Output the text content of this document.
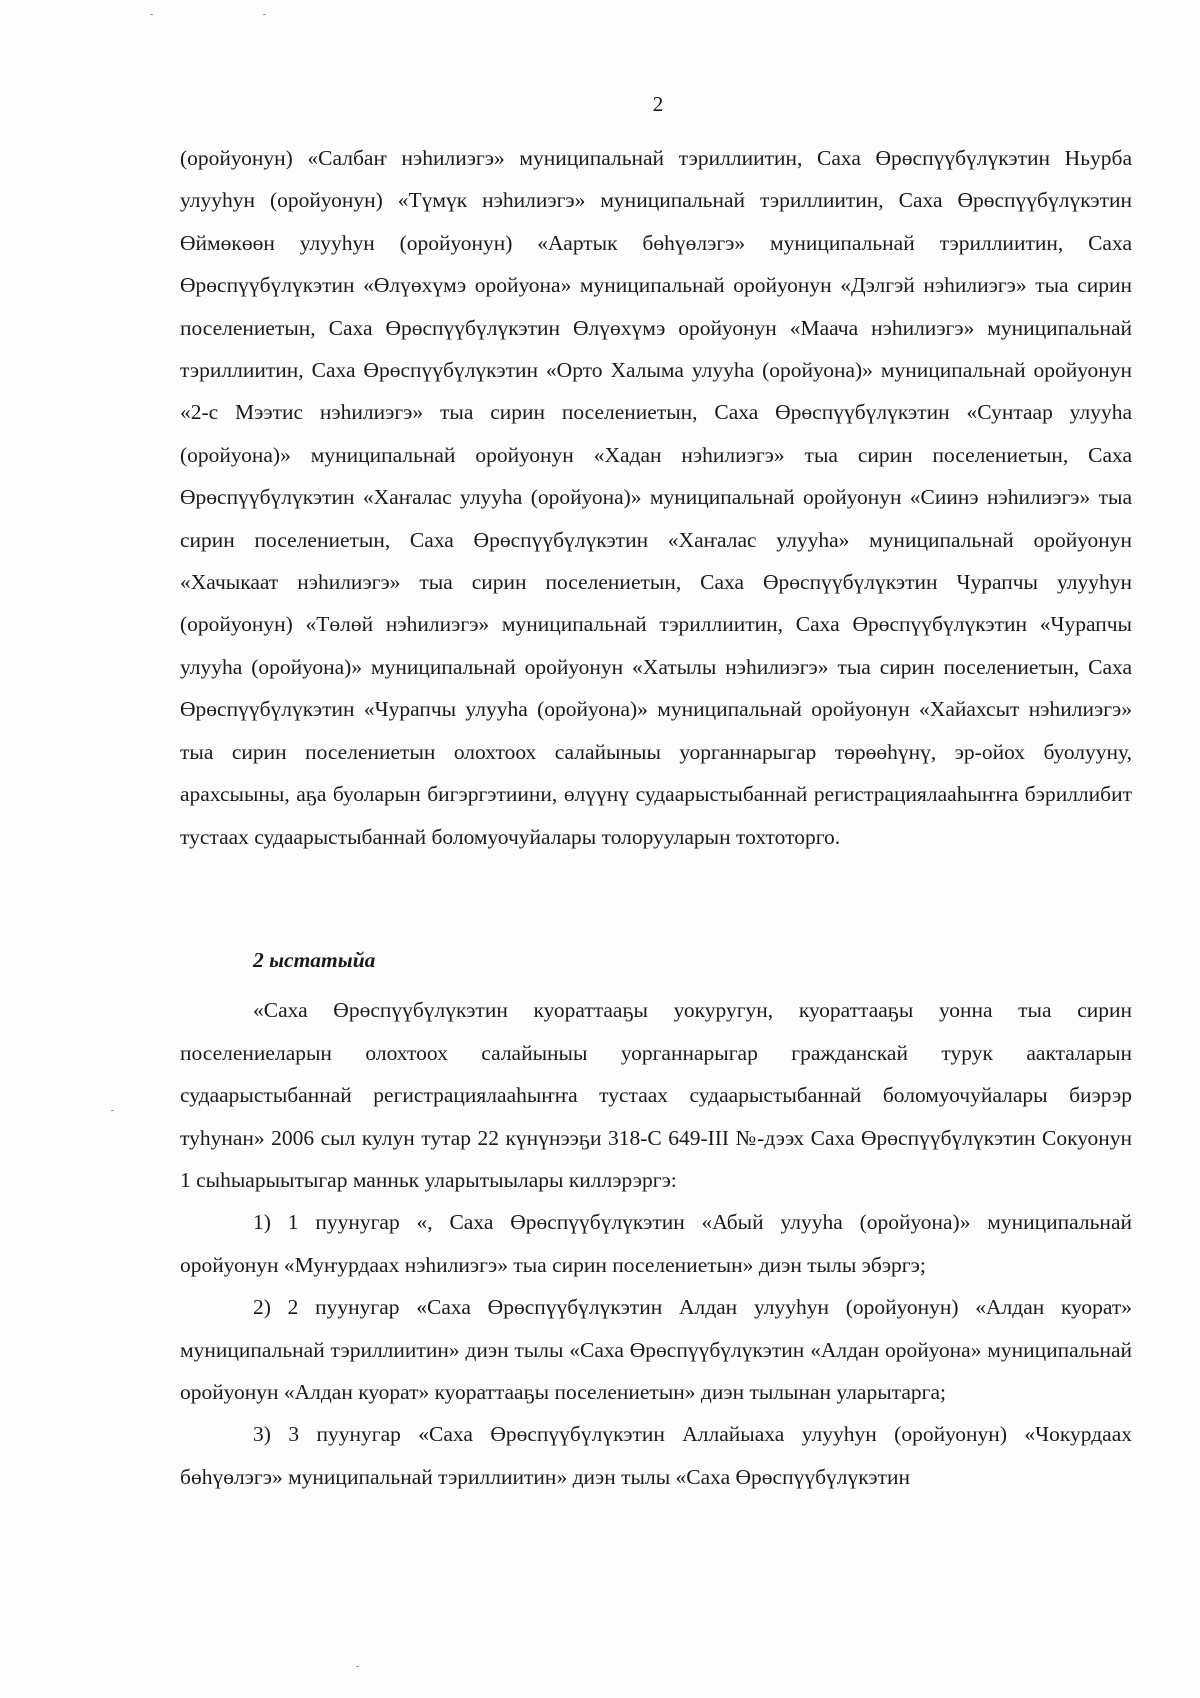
2

(оройуонун) «Салбаҥ нэһилиэгэ» муниципальнай тэриллиитин, Саха Өрөспүүбүлүкэтин Ньурба улууһун (оройуонун) «Түмүк нэһилиэгэ» муниципальнай тэриллиитин, Саха Өрөспүүбүлүкэтин Өймөкөөн улууһун (оройуонун) «Аартык бөһүөлэгэ» муниципальнай тэриллиитин, Саха Өрөспүүбүлүкэтин «Өлүөхүмэ оройуона» муниципальнай оройуонун «Дэлгэй нэһилиэгэ» тыа сирин поселениетын, Саха Өрөспүүбүлүкэтин Өлүөхүмэ оройуонун «Маача нэһилиэгэ» муниципальнай тэриллиитин, Саха Өрөспүүбүлүкэтин «Орто Халыма улууһа (оройуона)» муниципальнай оройуонун «2-с Мээтис нэһилиэгэ» тыа сирин поселениетын, Саха Өрөспүүбүлүкэтин «Сунтаар улууһа (оройуона)» муниципальнай оройуонун «Хадан нэһилиэгэ» тыа сирин поселениетын, Саха Өрөспүүбүлүкэтин «Хаҥалас улууһа (оройуона)» муниципальнай оройуонун «Сиинэ нэһилиэгэ» тыа сирин поселениетын, Саха Өрөспүүбүлүкэтин «Хаҥалас улууһа» муниципальнай оройуонун «Хачыкаат нэһилиэгэ» тыа сирин поселениетын, Саха Өрөспүүбүлүкэтин Чурапчы улууһун (оройуонун) «Төлөй нэһилиэгэ» муниципальнай тэриллиитин, Саха Өрөспүүбүлүкэтин «Чурапчы улууһа (оройуона)» муниципальнай оройуонун «Хатылы нэһилиэгэ» тыа сирин поселениетын, Саха Өрөспүүбүлүкэтин «Чурапчы улууһа (оройуона)» муниципальнай оройуонун «Хайахсыт нэһилиэгэ» тыа сирин поселениетын олохтоох салайыныы уорганнарыгар төрөөһүнү, эр-ойох буолууну, арахсыыны, аҕа буоларын бигэргэтиини, өлүүнү судаарыстыбаннай регистрациялааһыҥҥа бэриллибит тустаах судаарыстыбаннай боломуочуйалары толорууларын тохтоторго.

2 ыстатыйа

«Саха Өрөспүүбүлүкэтин куораттааҕы уокуругун, куораттааҕы уонна тыа сирин поселениеларын олохтоох салайыныы уорганнарыгар гражданскай турук аакталарын судаарыстыбаннай регистрациялааһыҥҥа тустаах судаарыстыбаннай боломуочуйалары биэрэр туһунан» 2006 сыл кулун тутар 22 күнүнээҕи 318-С 649-III №-дээх Саха Өрөспүүбүлүкэтин Сокуонун 1 сыһыарыытыгар манньк уларытыылары киллэрэргэ:

1) 1 пуунугар «, Саха Өрөспүүбүлүкэтин «Абый улууһа (оройуона)» муниципальнай оройуонун «Муҥурдаах нэһилиэгэ» тыа сирин поселениетын» диэн тылы эбэргэ;

2) 2 пуунугар «Саха Өрөспүүбүлүкэтин Алдан улууһун (оройуонун) «Алдан куорат» муниципальнай тэриллиитин» диэн тылы «Саха Өрөспүүбүлүкэтин «Алдан оройуона» муниципальнай оройуонун «Алдан куорат» куораттааҕы поселениетын» диэн тылынан уларытарга;

3) 3 пуунугар «Саха Өрөспүүбүлүкэтин Аллайыаха улууһун (оройуонун) «Чокурдаах бөһүөлэгэ» муниципальнай тэриллиитин» диэн тылы «Саха Өрөспүүбүлүкэтин
